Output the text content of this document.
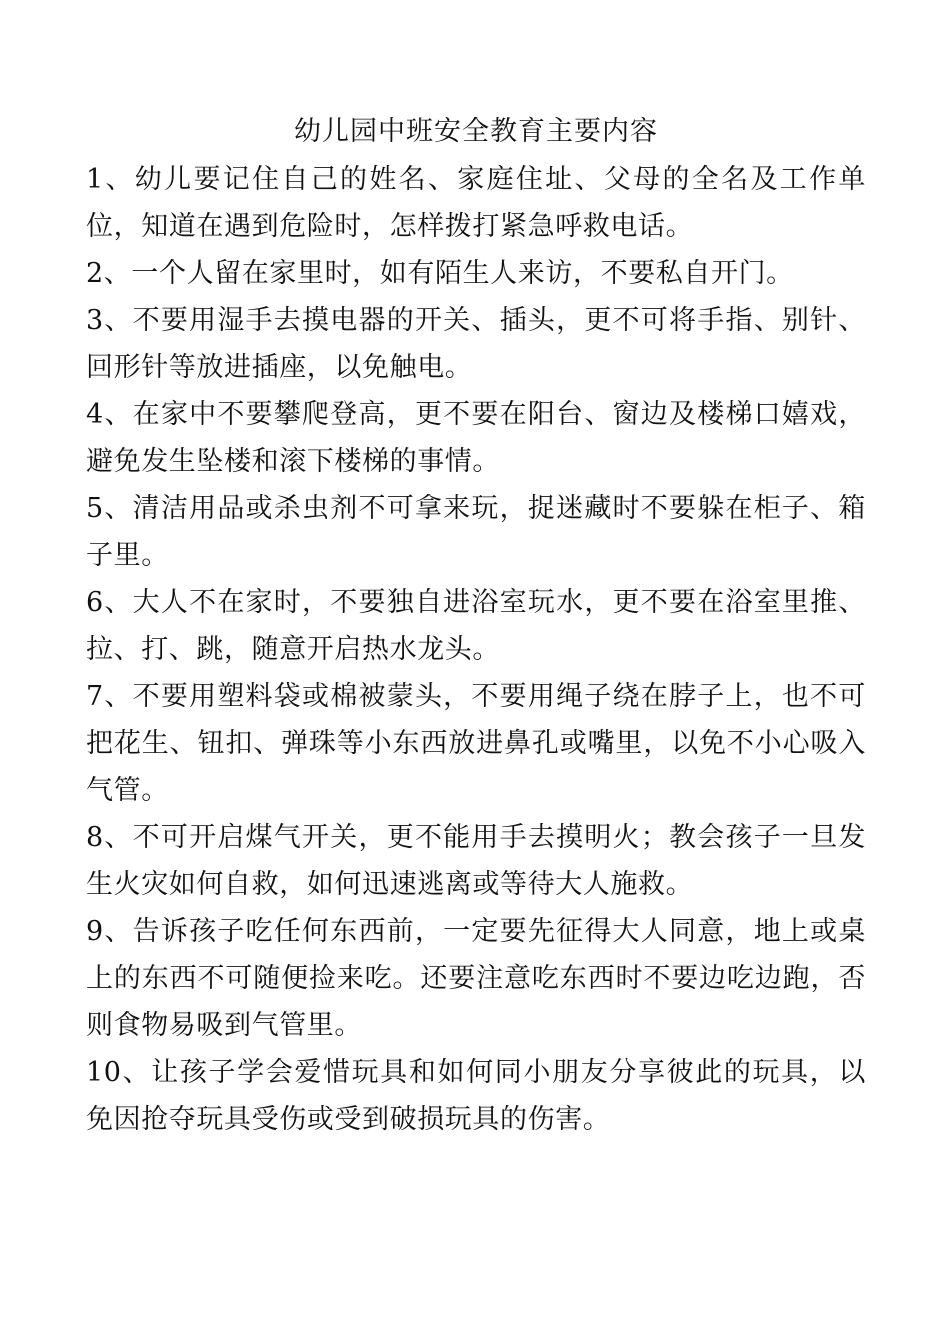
幼儿园中班安全教育主要内容
1、幼儿要记住自己的姓名、家庭住址、父母的全名及工作单位，知道在遇到危险时，怎样拨打紧急呼救电话。
2、一个人留在家里时，如有陌生人来访，不要私自开门。
3、不要用湿手去摸电器的开关、插头，更不可将手指、别针、回形针等放进插座，以免触电。
4、在家中不要攀爬登高，更不要在阳台、窗边及楼梯口嬉戏，避免发生坠楼和滚下楼梯的事情。
5、清洁用品或杀虫剂不可拿来玩，捉迷藏时不要躲在柜子、箱子里。
6、大人不在家时，不要独自进浴室玩水，更不要在浴室里推、拉、打、跳，随意开启热水龙头。
7、不要用塑料袋或棉被蒙头，不要用绳子绕在脖子上，也不可把花生、钮扣、弹珠等小东西放进鼻孔或嘴里，以免不小心吸入气管。
8、不可开启煤气开关，更不能用手去摸明火；教会孩子一旦发生火灾如何自救，如何迅速逃离或等待大人施救。
9、告诉孩子吃任何东西前，一定要先征得大人同意，地上或桌上的东西不可随便捡来吃。还要注意吃东西时不要边吃边跑，否则食物易吸到气管里。
10、让孩子学会爱惜玩具和如何同小朋友分享彼此的玩具，以免因抢夺玩具受伤或受到破损玩具的伤害。
